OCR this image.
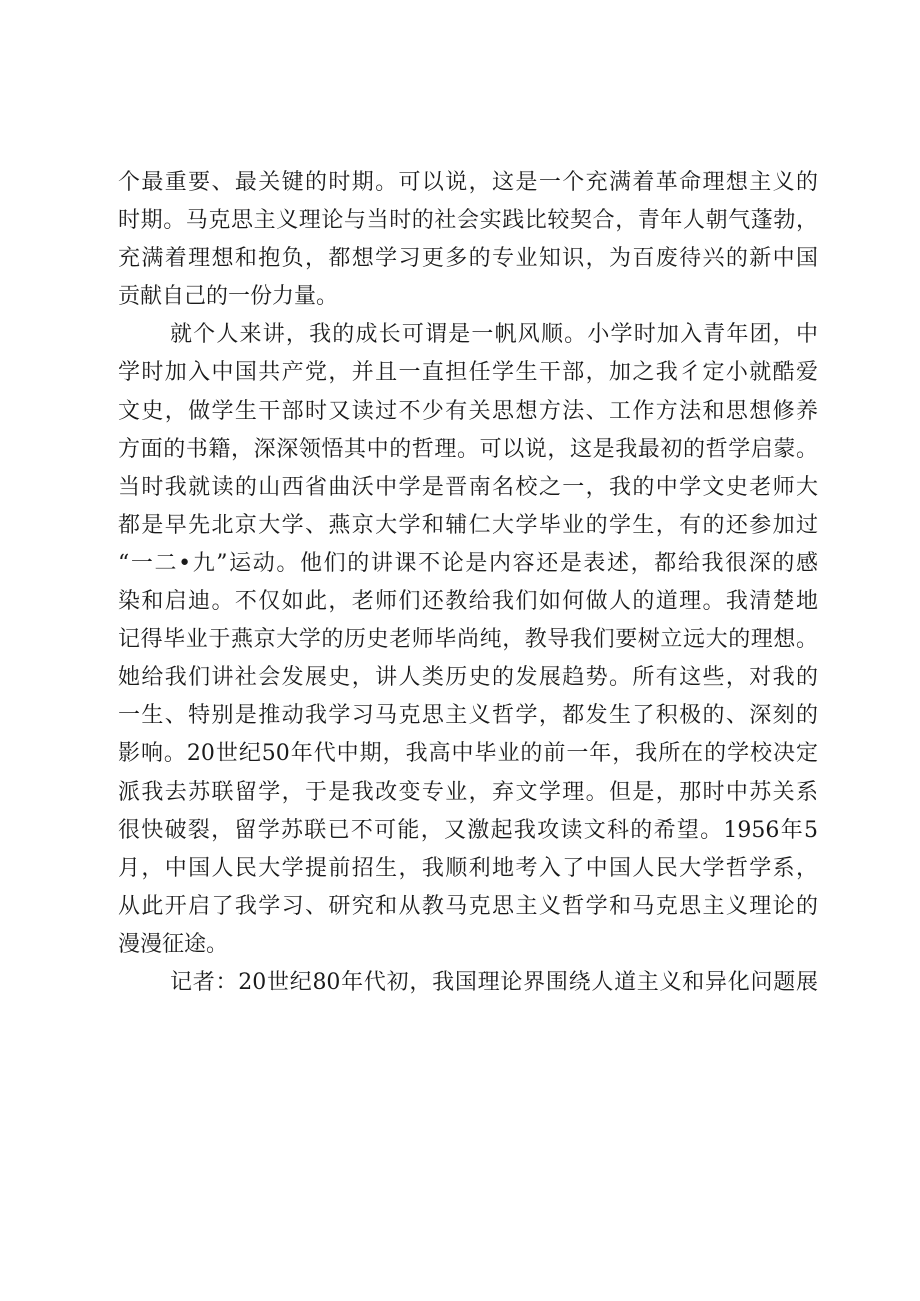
个最重要、最关键的时期。可以说，这是一个充满着革命理想主义的
时期。马克思主义理论与当时的社会实践比较契合，青年人朝气蓬勃，
充满着理想和抱负，都想学习更多的专业知识，为百废待兴的新中国
贡献自己的一份力量。
就个人来讲，我的成长可谓是一帆风顺。小学时加入青年团，中
学时加入中国共产党，并且一直担任学生干部，加之我彳定小就酷爱
文史，做学生干部时又读过不少有关思想方法、工作方法和思想修养
方面的书籍，深深领悟其中的哲理。可以说，这是我最初的哲学启蒙。
当时我就读的山西省曲沃中学是晋南名校之一，我的中学文史老师大
都是早先北京大学、燕京大学和辅仁大学毕业的学生，有的还参加过
“一二•九”运动。他们的讲课不论是内容还是表述，都给我很深的感
染和启迪。不仅如此，老师们还教给我们如何做人的道理。我清楚地
记得毕业于燕京大学的历史老师毕尚纯，教导我们要树立远大的理想。
她给我们讲社会发展史，讲人类历史的发展趋势。所有这些，对我的
一生、特别是推动我学习马克思主义哲学，都发生了积极的、深刻的
影响。20世纪50年代中期，我高中毕业的前一年，我所在的学校决定
派我去苏联留学，于是我改变专业，弃文学理。但是，那时中苏关系
很快破裂，留学苏联已不可能，又激起我攻读文科的希望。1956年5
月，中国人民大学提前招生，我顺利地考入了中国人民大学哲学系，
从此开启了我学习、研究和从教马克思主义哲学和马克思主义理论的
漫漫征途。
记者：20世纪80年代初，我国理论界围绕人道主义和异化问题展
